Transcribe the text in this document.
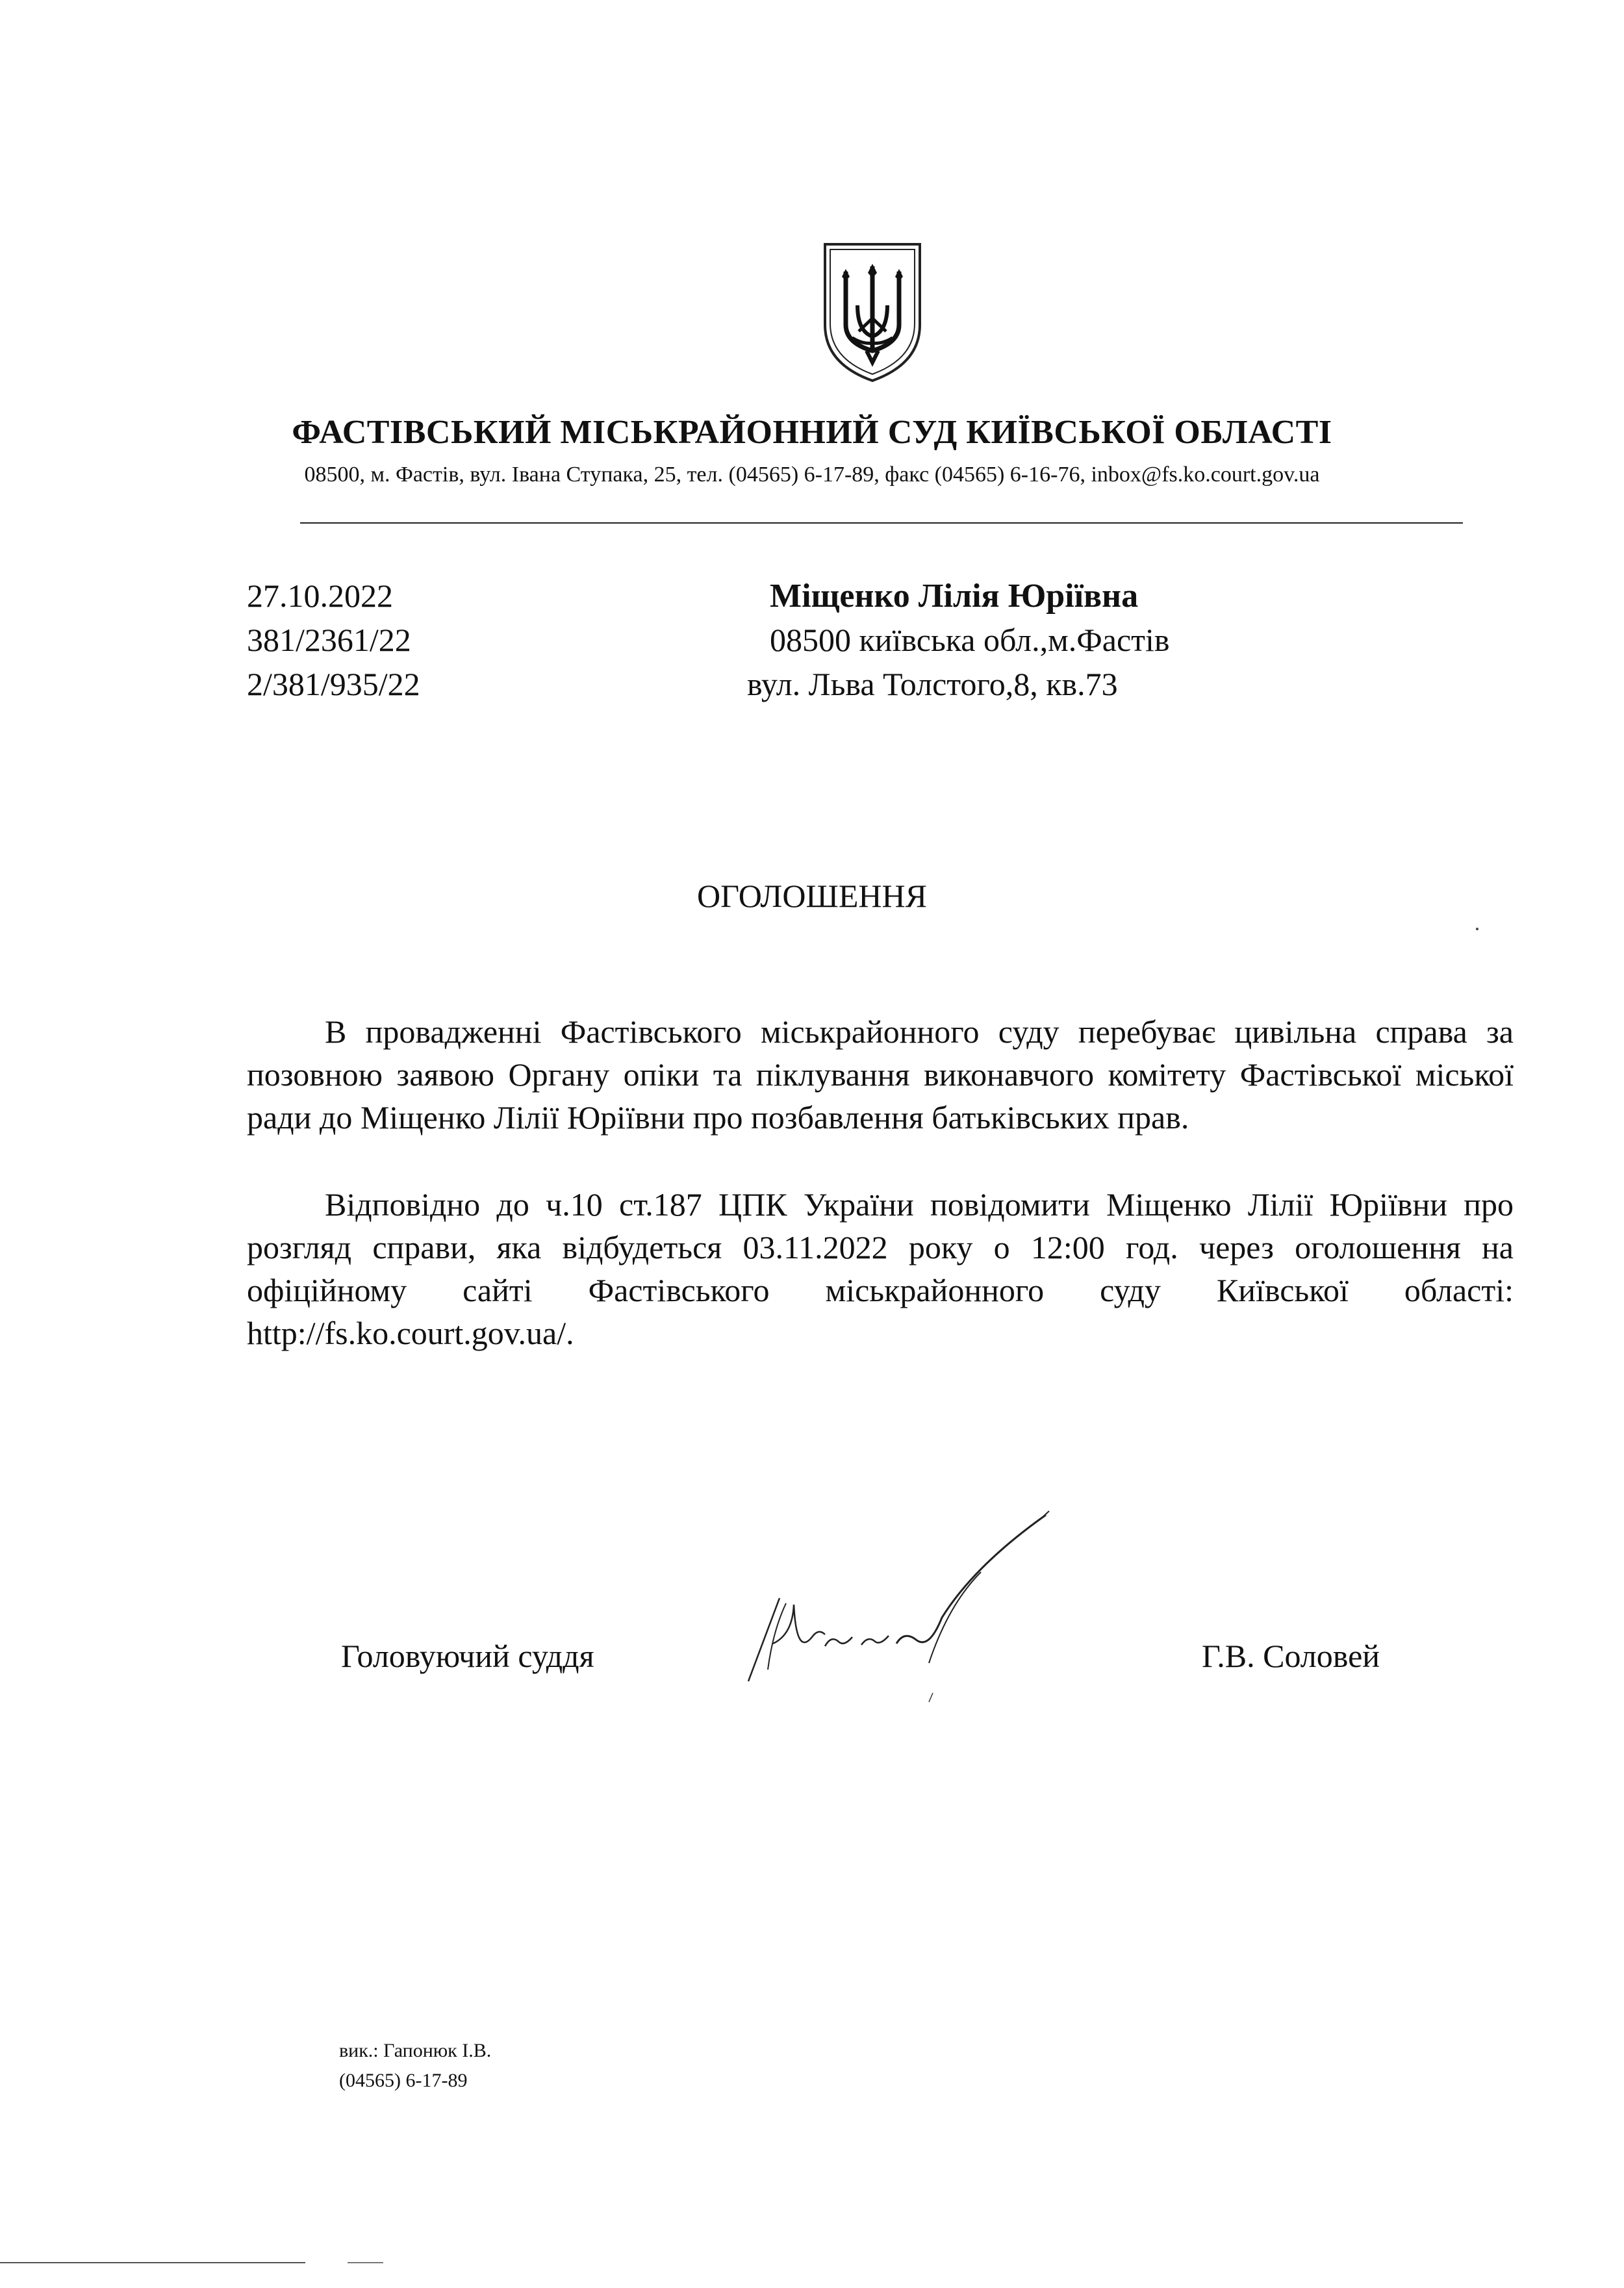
ФАСТІВСЬКИЙ МІСЬКРАЙОННИЙ СУД КИЇВСЬКОЇ ОБЛАСТІ
08500, м. Фастів, вул. Івана Ступака, 25, тел. (04565) 6-17-89, факс (04565) 6-16-76, inbox@fs.ko.court.gov.ua
27.10.2022
381/2361/22
2/381/935/22
Міщенко Лілія Юріївна
08500 київська обл.,м.Фастів
вул. Льва Толстого,8, кв.73
ОГОЛОШЕННЯ

В провадженні Фастівського міськрайонного суду перебуває цивільна справа за позовною заявою Органу опіки та піклування виконавчого комітету Фастівської міської ради до Міщенко Лілії Юріївни про позбавлення батьківських прав.

Відповідно до ч.10 ст.187 ЦПК України повідомити Міщенко Лілії Юріївни про розгляд справи, яка відбудеться 03.11.2022 року о 12:00 год. через оголошення на офіційному сайті Фастівського міськрайонного суду Київської області: http://fs.ko.court.gov.ua/.

Головуючий суддя	Г.В. Соловей
вик.: Гапонюк І.В.
(04565) 6-17-89
